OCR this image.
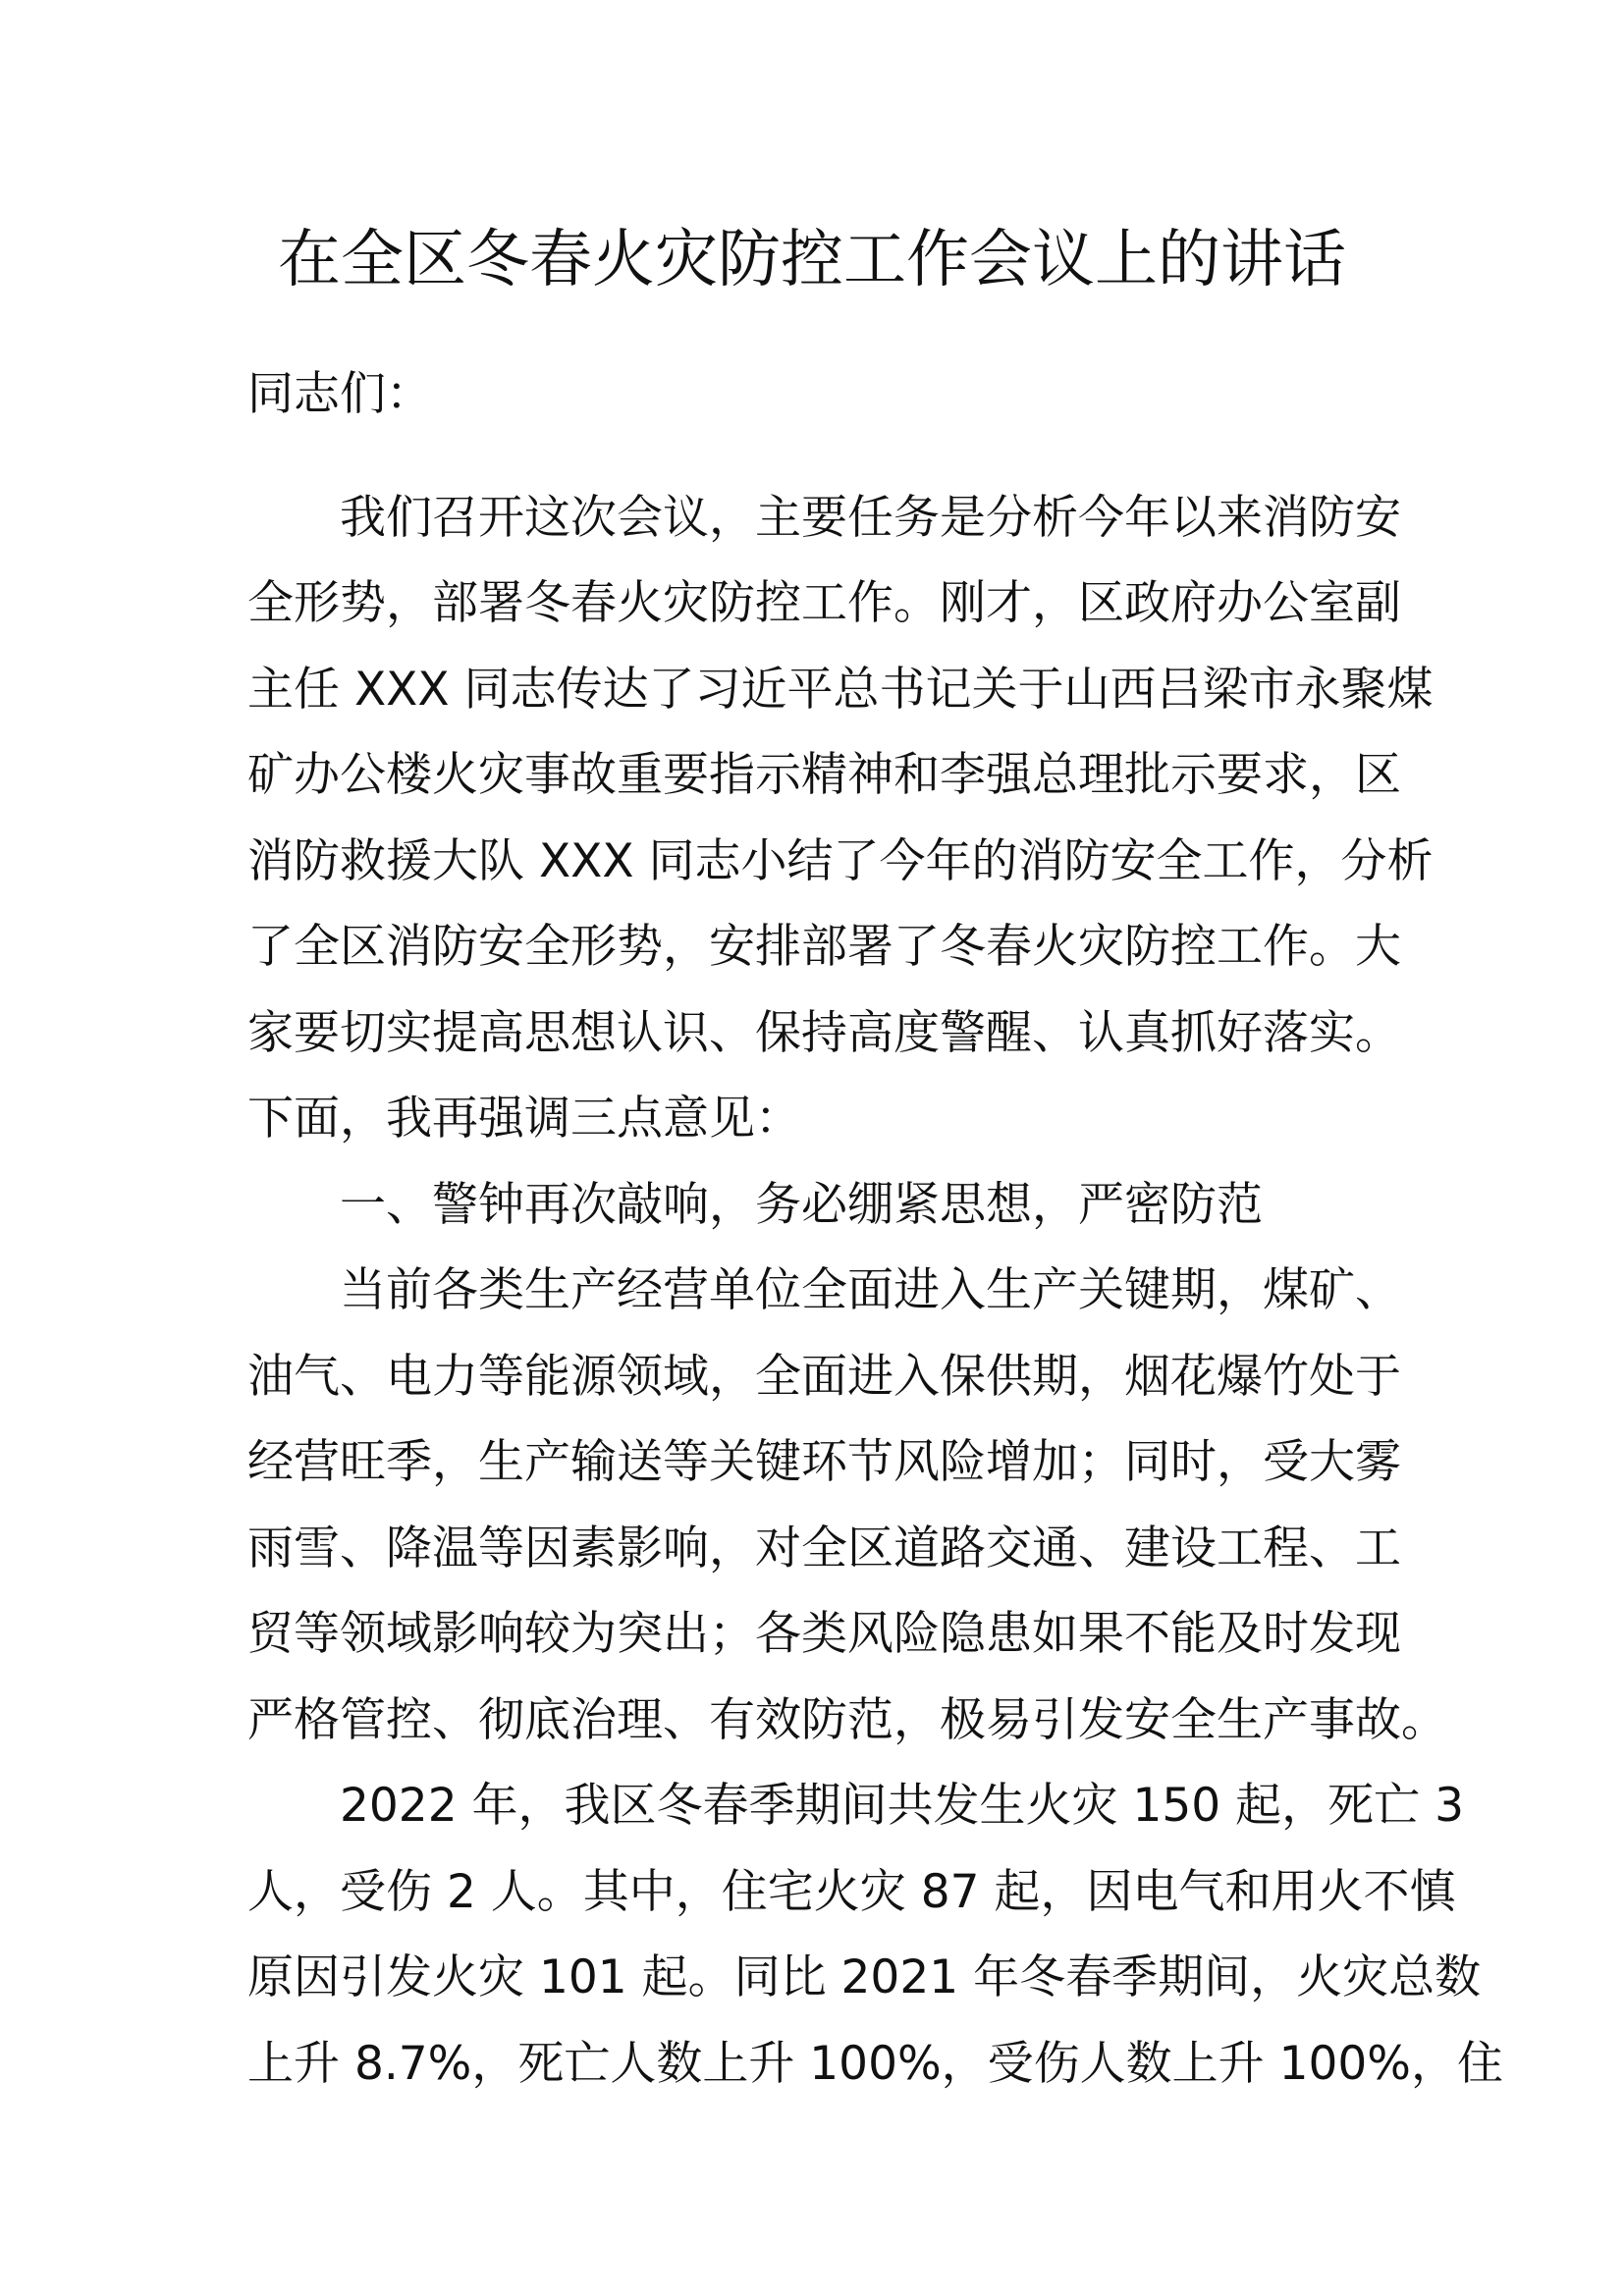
在全区冬春火灾防控工作会议上的讲话
同志们：
　　我们召开这次会议，主要任务是分析今年以来消防安
全形势，部署冬春火灾防控工作。刚才，区政府办公室副
主任 XXX 同志传达了习近平总书记关于山西吕梁市永聚煤
矿办公楼火灾事故重要指示精神和李强总理批示要求，区
消防救援大队 XXX 同志小结了今年的消防安全工作，分析
了全区消防安全形势，安排部署了冬春火灾防控工作。大
家要切实提高思想认识、保持高度警醒、认真抓好落实。
下面，我再强调三点意见：
　　一、警钟再次敲响，务必绷紧思想，严密防范
　　当前各类生产经营单位全面进入生产关键期，煤矿、
油气、电力等能源领域，全面进入保供期，烟花爆竹处于
经营旺季，生产输送等关键环节风险增加；同时，受大雾
雨雪、降温等因素影响，对全区道路交通、建设工程、工
贸等领域影响较为突出；各类风险隐患如果不能及时发现
严格管控、彻底治理、有效防范，极易引发安全生产事故。
　　2022 年，我区冬春季期间共发生火灾 150 起，死亡 3
人，受伤 2 人。其中，住宅火灾 87 起，因电气和用火不慎
原因引发火灾 101 起。同比 2021 年冬春季期间，火灾总数
上升 8.7%，死亡人数上升 100%，受伤人数上升 100%，住
